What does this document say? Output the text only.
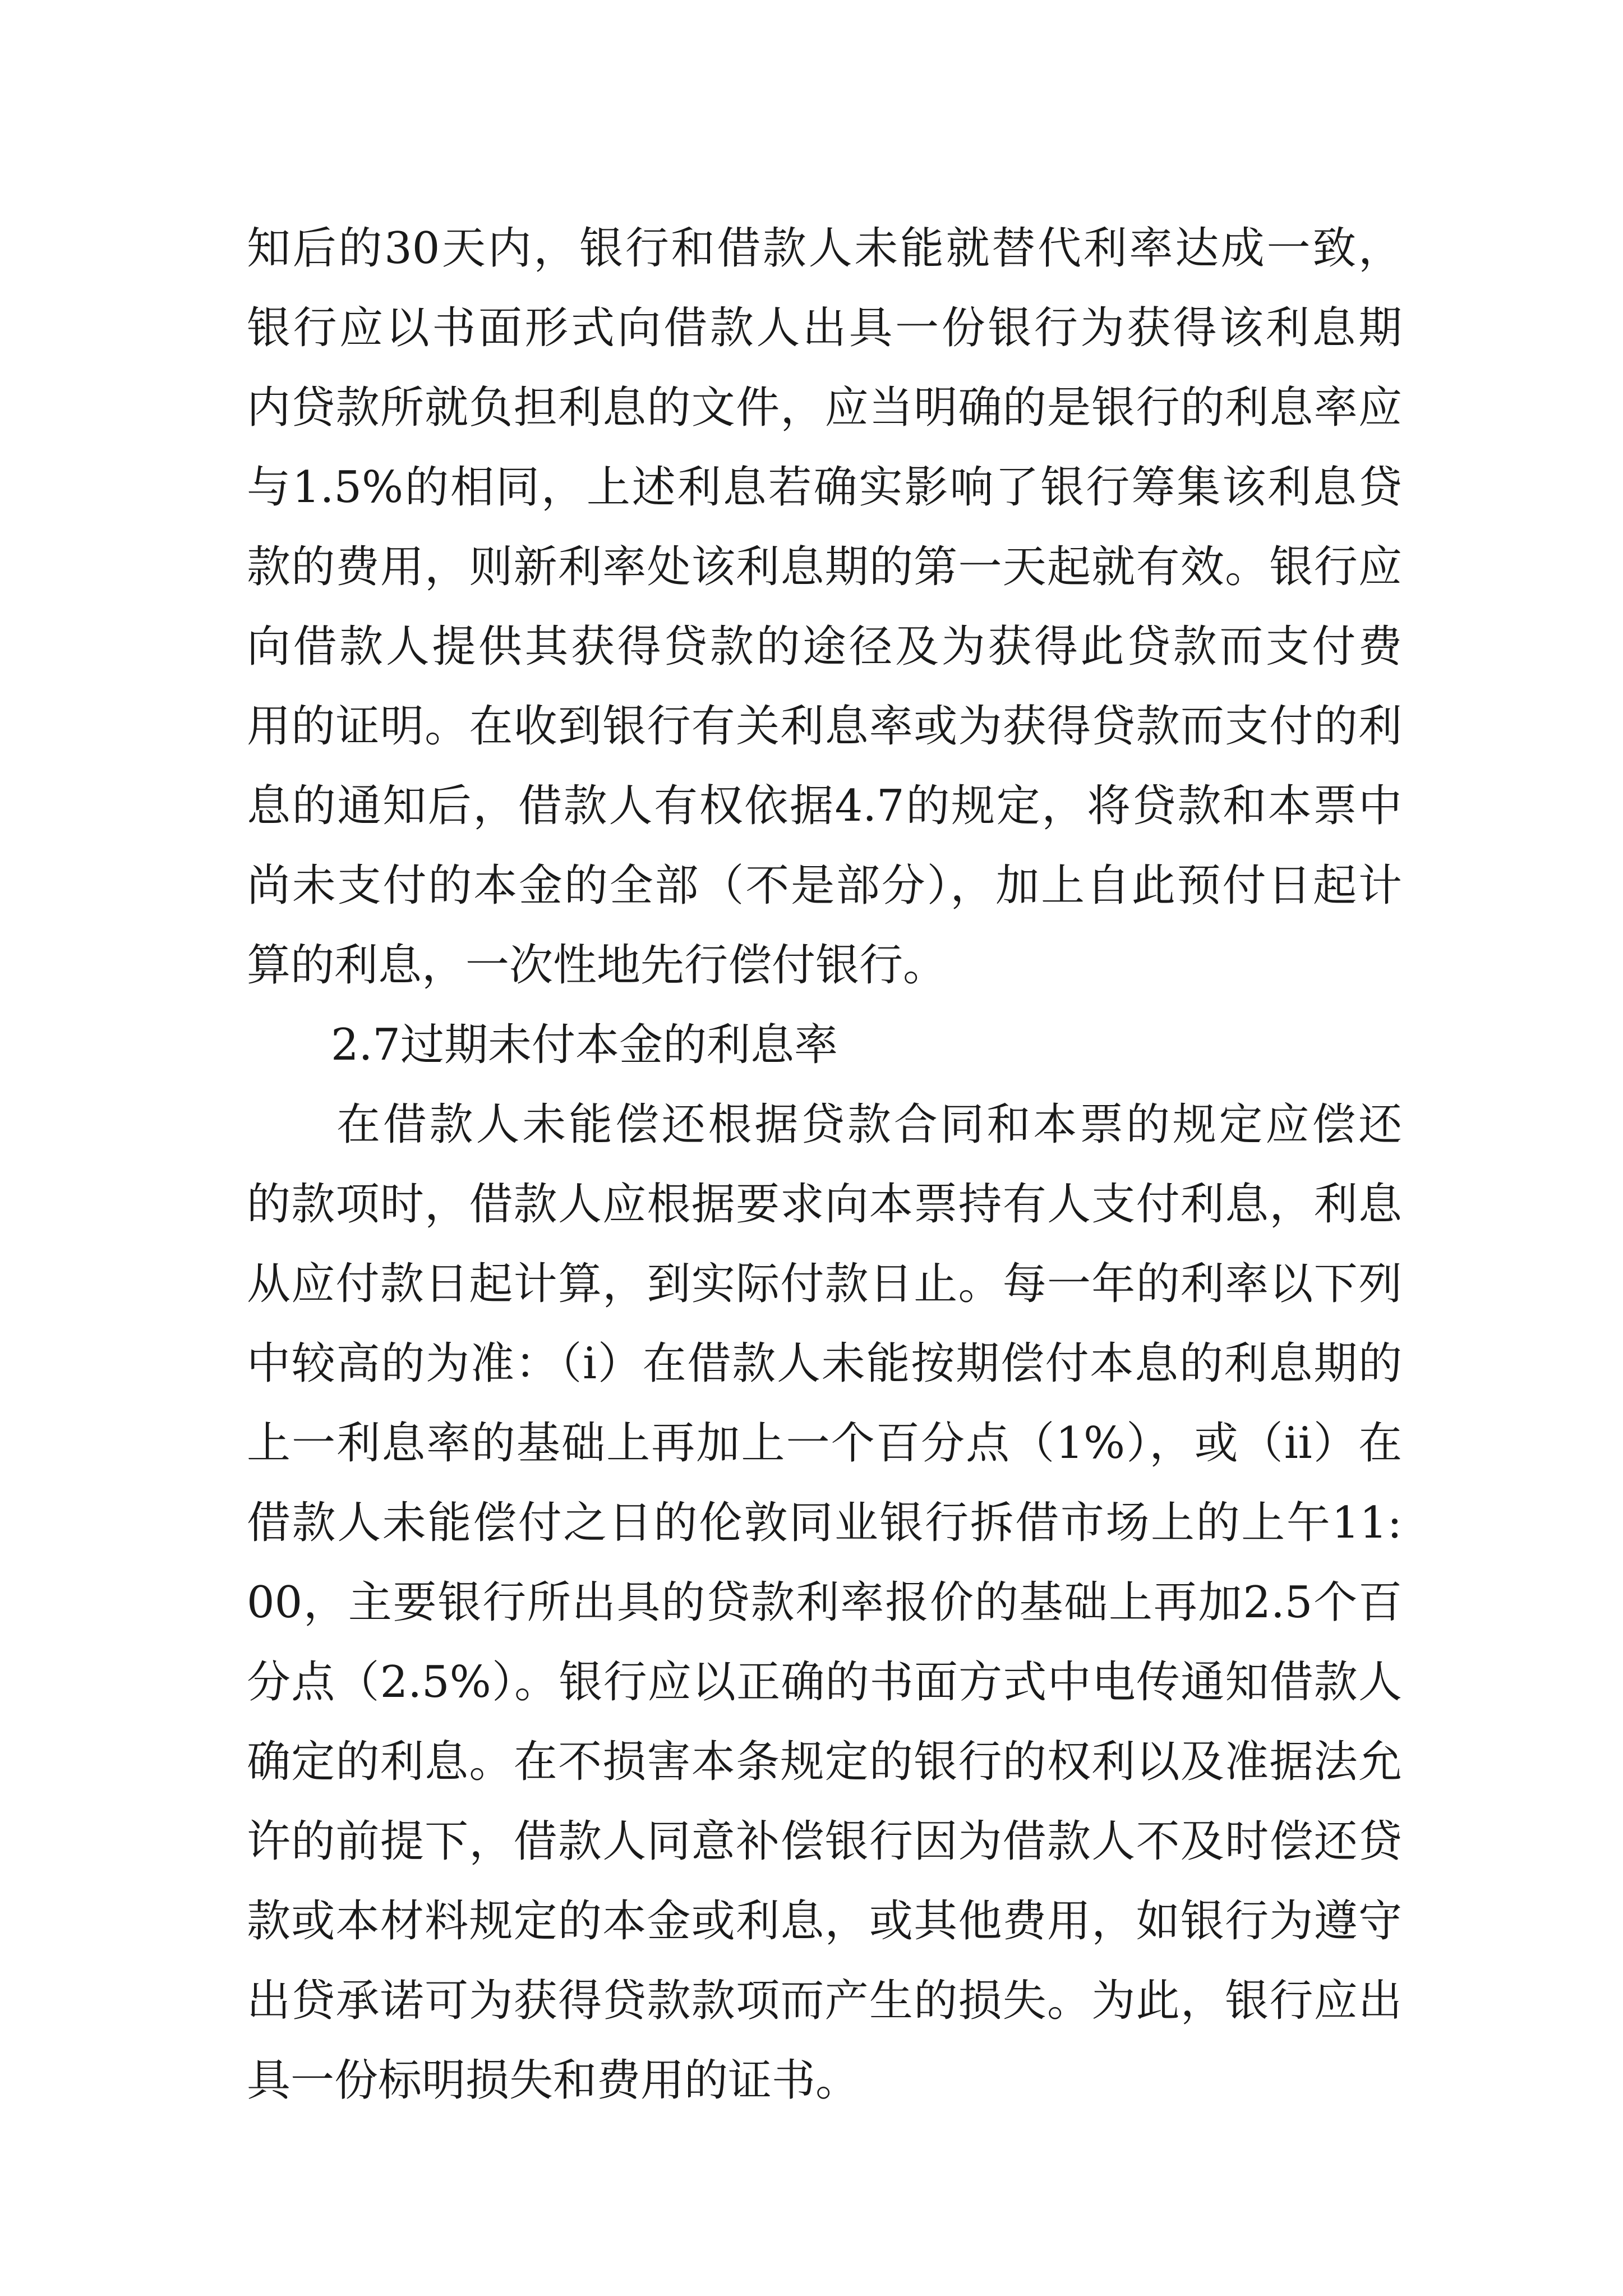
知后的30天内，银行和借款人未能就替代利率达成一致，
银行应以书面形式向借款人出具一份银行为获得该利息期
内贷款所就负担利息的文件，应当明确的是银行的利息率应
与1.5%的相同，上述利息若确实影响了银行筹集该利息贷
款的费用，则新利率处该利息期的第一天起就有效。银行应
向借款人提供其获得贷款的途径及为获得此贷款而支付费
用的证明。在收到银行有关利息率或为获得贷款而支付的利
息的通知后，借款人有权依据4.7的规定，将贷款和本票中
尚未支付的本金的全部（不是部分），加上自此预付日起计
算的利息，一次性地先行偿付银行。
2.7过期未付本金的利息率
在借款人未能偿还根据贷款合同和本票的规定应偿还
的款项时，借款人应根据要求向本票持有人支付利息，利息
从应付款日起计算，到实际付款日止。每一年的利率以下列
中较高的为准：（i）在借款人未能按期偿付本息的利息期的
上一利息率的基础上再加上一个百分点（1%），或（ii）在
借款人未能偿付之日的伦敦同业银行拆借市场上的上午11:
00，主要银行所出具的贷款利率报价的基础上再加2.5个百
分点（2.5%）。银行应以正确的书面方式中电传通知借款人
确定的利息。在不损害本条规定的银行的权利以及准据法允
许的前提下，借款人同意补偿银行因为借款人不及时偿还贷
款或本材料规定的本金或利息，或其他费用，如银行为遵守
出贷承诺可为获得贷款款项而产生的损失。为此，银行应出
具一份标明损失和费用的证书。
